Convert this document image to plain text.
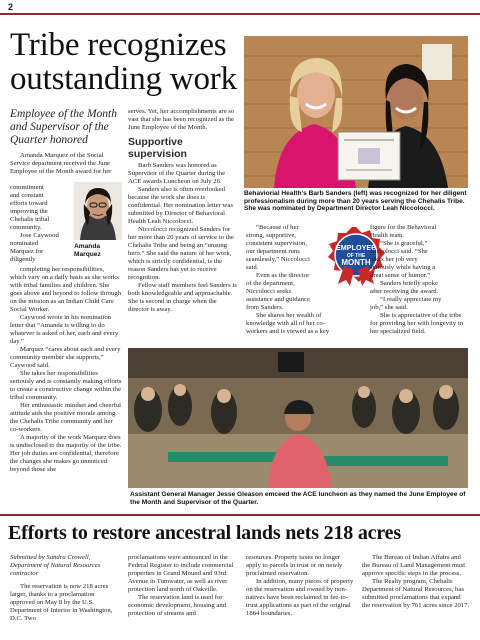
2
Tribe recognizes outstanding work
Employee of the Month and Supervisor of the Quarter honored

Amanda Marquez of the Social Service department received the June Employee of the Month award for her

commitment
and constant
efforts toward
improving the
Chehalis tribal
community.
Jose Caywood
nominated
Marquez for
diligently
Amanda Marquez

completing her responsibilities, which vary on a daily basis as she works with tribal families and children. She goes above and beyond to follow through on the mission as an Indian Child Care Social Worker.

Caywood wrote in his nomination letter that “Amanda is willing to do whatever is asked of her, each and every day.”

Marquez “cares about each and every community member she supports,” Caywood said.

She takes her responsibilities seriously and is constantly making efforts to create a constructive change within the tribal community.

Her enthusiastic mindset and cheerful attitude aids the positive morale among the Chehalis Tribe community and her co-workers.

A majority of the work Marquez does is undisclosed to the majority of the tribe. Her job duties are confidential, therefore the changes she makes go unnoticed beyond those she

serves. Yet, her accomplishments are so vast that she has been recognized as the June Employee of the Month.

Supportive supervision

Barb Sanders was honored as Supervisor of the Quarter during the ACE awards Luncheon on July 26.

Sanders also is often overlooked because the work she does is confidential. Her nomination letter was submitted by Director of Behavioral Health Leah Niccolocci.

Niccolocci recognized Sanders for her more than 20 years of service to the Chehalis Tribe and being an “unsung hero.” She said the nature of her work, which is strictly confidential, is the reason Sanders has yet to receive recognition.

Fellow staff members feel Sanders is both knowledgeable and approachable. She is second in charge when the director is away.

Behaviorial Health’s Barb Sanders (left) was recognized for her diligent professionalism during more than 20 years serving the Chehalis Tribe. She was nominated by Department Director Leah Niccolocci.
“Because of her
strong, supportive,
consistent supervision,
our department runs
seamlessly,” Niccolocci
said.
Even as the director
of the department,
Niccolocci seeks
assistance and guidance
from Sanders.
She shares her wealth of
knowledge with all of her co-
workers and is viewed as a key
EMPLOYEE
OF THE
MONTH
figure for the Behavioral
Health team.
“She is graceful,”
Niccolocci said. “She
takes her job very
seriously while having a
great sense of humor.”
Sanders briefly spoke
after receiving the award.
“I really appreciate my
job,” she said.
She is appreciative of the tribe
for providing her with longevity in
her specialized field.
Assistant General Manager Jesse Gleason emceed the ACE luncheon as they named the June Employee of the Month and Supervisor of the Quarter.
Efforts to restore ancestral lands nets 218 acres

Submitted by Sandra Crowell, Department of Natural Resources contractor

The reservation is now 218 acres larger, thanks to a proclamation approved on May 8 by the U.S. Department of Interior in Washington, D.C. Two

proclamations were announced in the Federal Register to include commercial properties in Grand Mound and 93rd Avenue in Tumwater, as well as river protection land north of Oakville.

The reservation land is used for economic development, housing and protection of streams and

resources. Property taxes no longer apply to parcels in trust or on newly proclaimed reservation.

In addition, many pieces of property on the reservation and owned by non-natives have been reclaimed in fee-to-trust applications as part of the original 1864 boundaries.

The Bureau of Indian Affairs and the Bureau of Land Management must approve specific steps in the process.

The Realty program, Chehalis Department of Natural Resources, has submitted proclamations that expand the reservation by 761 acres since 2017.
